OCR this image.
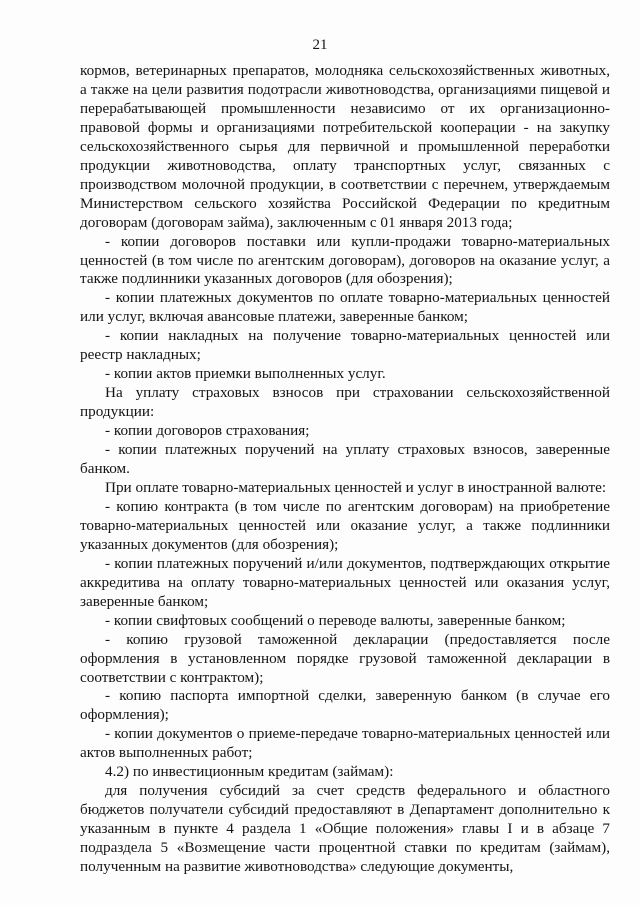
21

кормов, ветеринарных препаратов, молодняка сельскохозяйственных животных, а также на цели развития подотрасли животноводства, организациями пищевой и перерабатывающей промышленности независимо от их организационно-правовой формы и организациями потребительской кооперации - на закупку сельскохозяйственного сырья для первичной и промышленной переработки продукции животноводства, оплату транспортных услуг, связанных с производством молочной продукции, в соответствии с перечнем, утверждаемым Министерством сельского хозяйства Российской Федерации по кредитным договорам (договорам займа), заключенным с 01 января 2013 года;

- копии договоров поставки или купли-продажи товарно-материальных ценностей (в том числе по агентским договорам), договоров на оказание услуг, а также подлинники указанных договоров (для обозрения);

- копии платежных документов по оплате товарно-материальных ценностей или услуг, включая авансовые платежи, заверенные банком;

- копии накладных на получение товарно-материальных ценностей или реестр накладных;

- копии актов приемки выполненных услуг.

На уплату страховых взносов при страховании сельскохозяйственной продукции:

- копии договоров страхования;

- копии платежных поручений на уплату страховых взносов, заверенные банком.

При оплате товарно-материальных ценностей и услуг в иностранной валюте:

- копию контракта (в том числе по агентским договорам) на приобретение товарно-материальных ценностей или оказание услуг, а также подлинники указанных документов (для обозрения);

- копии платежных поручений и/или документов, подтверждающих открытие аккредитива на оплату товарно-материальных ценностей или оказания услуг, заверенные банком;

- копии свифтовых сообщений о переводе валюты, заверенные банком;

- копию грузовой таможенной декларации (предоставляется после оформления в установленном порядке грузовой таможенной декларации в соответствии с контрактом);

- копию паспорта импортной сделки, заверенную банком (в случае его оформления);

- копии документов о приеме-передаче товарно-материальных ценностей или актов выполненных работ;

4.2) по инвестиционным кредитам (займам):

для получения субсидий за счет средств федерального и областного бюджетов получатели субсидий предоставляют в Департамент дополнительно к указанным в пункте 4 раздела 1 «Общие положения» главы I и в абзаце 7 подраздела 5 «Возмещение части процентной ставки по кредитам (займам), полученным на развитие животноводства» следующие документы,
